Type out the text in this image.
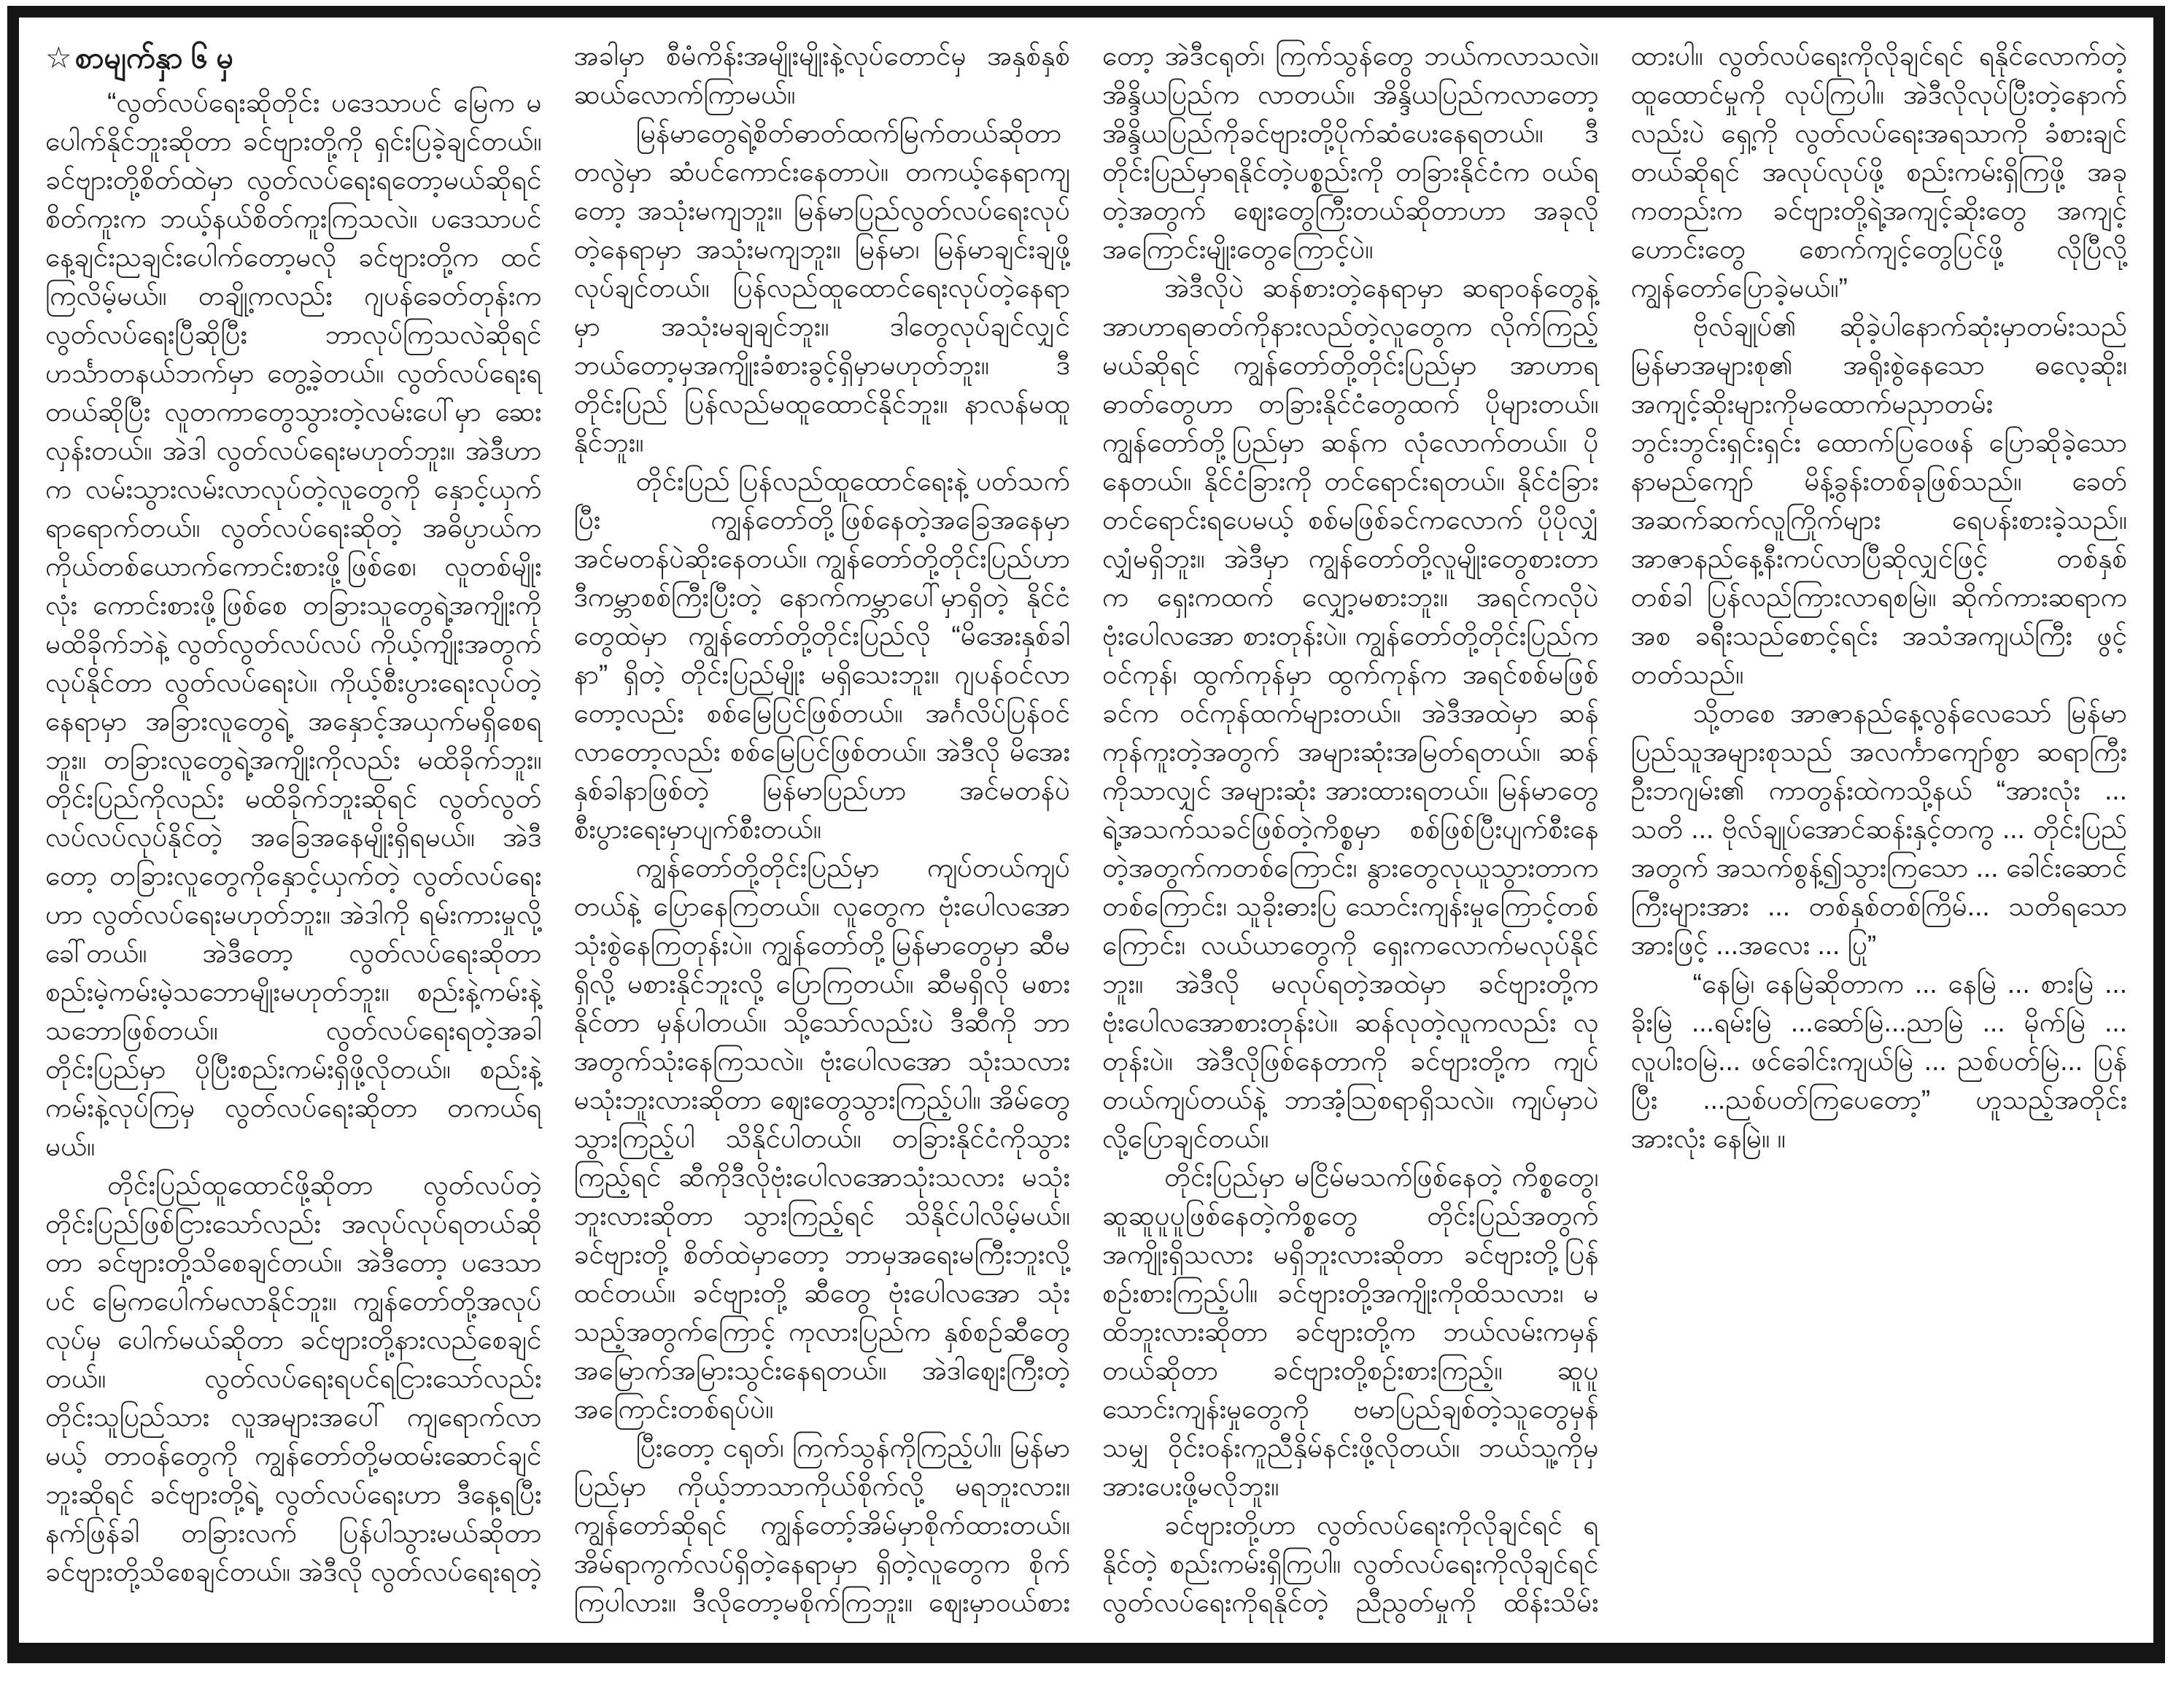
☆စာမျက်နှာ ၆ မှ

“လွတ်လပ်ရေးဆိုတိုင်း ပဒေသာပင် မြေက မပေါက်နိုင်ဘူးဆိုတာ ခင်ဗျားတို့ကို ရှင်းပြခဲ့ချင်တယ်။ ခင်ဗျားတို့စိတ်ထဲမှာ လွတ်လပ်ရေးရတော့မယ်ဆိုရင် စိတ်ကူးက ဘယ့်နယ်စိတ်ကူးကြသလဲ။ ပဒေသာပင် နေ့ချင်းညချင်းပေါက်တော့မလို ခင်ဗျားတို့က ထင်ကြလိမ့်မယ်။ တချို့ကလည်း ဂျပန်ခေတ်တုန်းက လွတ်လပ်ရေးပြီဆိုပြီး ဘာလုပ်ကြသလဲဆိုရင် ဟင်္သာတနယ်ဘက်မှာ တွေ့ခဲ့တယ်။ လွတ်လပ်ရေးရတယ်ဆိုပြီး လူတကာတွေသွားတဲ့လမ်းပေါ်မှာ ဆေးလှန်းတယ်။ အဲဒါ လွတ်လပ်ရေးမဟုတ်ဘူး။ အဲဒီဟာက လမ်းသွားလမ်းလာလုပ်တဲ့လူတွေကို နှောင့်ယှက်ရာရောက်တယ်။ လွတ်လပ်ရေးဆိုတဲ့ အဓိပ္ပာယ်က ကိုယ်တစ်ယောက်ကောင်းစားဖို့ဖြစ်စေ၊ လူတစ်မျိုးလုံး ကောင်းစားဖို့ဖြစ်စေ တခြားသူတွေရဲ့အကျိုးကို မထိခိုက်ဘဲနဲ့ လွတ်လွတ်လပ်လပ် ကိုယ့်ကျိုးအတွက်လုပ်နိုင်တာ လွတ်လပ်ရေးပဲ။ ကိုယ့်စီးပွားရေးလုပ်တဲ့နေရာမှာ အခြားလူတွေရဲ့ အနှောင့်အယှက်မရှိစေရဘူး။ တခြားလူတွေရဲ့အကျိုးကိုလည်း မထိခိုက်ဘူး။ တိုင်းပြည်ကိုလည်း မထိခိုက်ဘူးဆိုရင် လွတ်လွတ်လပ်လပ်လုပ်နိုင်တဲ့ အခြေအနေမျိုးရှိရမယ်။ အဲဒီတော့ တခြားလူတွေကိုနှောင့်ယှက်တဲ့ လွတ်လပ်ရေးဟာ လွတ်လပ်ရေးမဟုတ်ဘူး။ အဲဒါကို ရမ်းကားမှုလို့ခေါ်တယ်။ အဲဒီတော့ လွတ်လပ်ရေးဆိုတာ စည်းမဲ့ကမ်းမဲ့သဘောမျိုးမဟုတ်ဘူး။ စည်းနဲ့ကမ်းနဲ့သဘောဖြစ်တယ်။ လွတ်လပ်ရေးရတဲ့အခါ တိုင်းပြည်မှာ ပိုပြီးစည်းကမ်းရှိဖို့လိုတယ်။ စည်းနဲ့ကမ်းနဲ့လုပ်ကြမှ လွတ်လပ်ရေးဆိုတာ တကယ်ရမယ်။

တိုင်းပြည်ထူထောင်ဖို့ဆိုတာ လွတ်လပ်တဲ့တိုင်းပြည်ဖြစ်ငြားသော်လည်း အလုပ်လုပ်ရတယ်ဆိုတာ ခင်ဗျားတို့သိစေချင်တယ်။ အဲဒီတော့ ပဒေသာပင် မြေကပေါက်မလာနိုင်ဘူး။ ကျွန်တော်တို့အလုပ်လုပ်မှ ပေါက်မယ်ဆိုတာ ခင်ဗျားတို့နားလည်စေချင်တယ်။ လွတ်လပ်ရေးရပင်ရငြားသော်လည်း တိုင်းသူပြည်သား လူအများအပေါ် ကျရောက်လာမယ့် တာဝန်တွေကို ကျွန်တော်တို့မထမ်းဆောင်ချင်ဘူးဆိုရင် ခင်ဗျားတို့ရဲ့ လွတ်လပ်ရေးဟာ ဒီနေ့ရပြီး နက်ဖြန်ခါ တခြားလက် ပြန်ပါသွားမယ်ဆိုတာ ခင်ဗျားတို့သိစေချင်တယ်။ အဲဒီလို လွတ်လပ်ရေးရတဲ့အခါမှာ စီမံကိန်းအမျိုးမျိုးနဲ့လုပ်တောင်မှ အနှစ်နှစ်ဆယ်လောက်ကြာမယ်။

မြန်မာတွေရဲ့စိတ်ဓာတ်ထက်မြက်တယ်ဆိုတာ တလွဲမှာ ဆံပင်ကောင်းနေတာပဲ။ တကယ့်နေရာကျတော့ အသုံးမကျဘူး။ မြန်မာပြည်လွတ်လပ်ရေးလုပ်တဲ့နေရာမှာ အသုံးမကျဘူး။ မြန်မာ၊ မြန်မာချင်းချဖို့ လုပ်ချင်တယ်။ ပြန်လည်ထူထောင်ရေးလုပ်တဲ့နေရာမှာ အသုံးမချချင်ဘူး။ ဒါတွေလုပ်ချင်လျှင် ဘယ်တော့မှအကျိုးခံစားခွင့်ရှိမှာမဟုတ်ဘူး။ ဒီတိုင်းပြည် ပြန်လည်မထူထောင်နိုင်ဘူး။ နာလန်မထူနိုင်ဘူး။

တိုင်းပြည် ပြန်လည်ထူထောင်ရေးနဲ့ ပတ်သက်ပြီး ကျွန်တော်တို့ဖြစ်နေတဲ့အခြေအနေမှာ အင်မတန်ပဲဆိုးနေတယ်။ ကျွန်တော်တို့တိုင်းပြည်ဟာ ဒီကမ္ဘာစစ်ကြီးပြီးတဲ့ နောက်ကမ္ဘာပေါ်မှာရှိတဲ့ နိုင်ငံတွေထဲမှာ ကျွန်တော်တို့တိုင်းပြည်လို “မိအေးနှစ်ခါနာ” ရှိတဲ့ တိုင်းပြည်မျိုး မရှိသေးဘူး။ ဂျပန်ဝင်လာတော့လည်း စစ်မြေပြင်ဖြစ်တယ်။ အင်္ဂလိပ်ပြန်ဝင်လာတော့လည်း စစ်မြေပြင်ဖြစ်တယ်။ အဲဒီလို မိအေးနှစ်ခါနာဖြစ်တဲ့ မြန်မာပြည်ဟာ အင်မတန်ပဲ စီးပွားရေးမှာပျက်စီးတယ်။

ကျွန်တော်တို့တိုင်းပြည်မှာ ကျပ်တယ်ကျပ်တယ်နဲ့ ပြောနေကြတယ်။ လူတွေက ဗုံးပေါလအော သုံးစွဲနေကြတုန်းပဲ။ ကျွန်တော်တို့မြန်မာတွေမှာ ဆီမရှိလို့ မစားနိုင်ဘူးလို့ ပြောကြတယ်။ ဆီမရှိလို မစားနိုင်တာ မှန်ပါတယ်။ သို့သော်လည်းပဲ ဒီဆီကို ဘာအတွက်သုံးနေကြသလဲ။ ဗုံးပေါလအော သုံးသလား မသုံးဘူးလားဆိုတာ ဈေးတွေသွားကြည့်ပါ။ အိမ်တွေသွားကြည့်ပါ သိနိုင်ပါတယ်။ တခြားနိုင်ငံကိုသွားကြည့်ရင် ဆီကိုဒီလိုဗုံးပေါလအောသုံးသလား မသုံးဘူးလားဆိုတာ သွားကြည့်ရင် သိနိုင်ပါလိမ့်မယ်။ ခင်ဗျားတို့ စိတ်ထဲမှာတော့ ဘာမှအရေးမကြီးဘူးလို့ထင်တယ်။ ခင်ဗျားတို့ ဆီတွေ ဗုံးပေါလအော သုံးသည့်အတွက်ကြောင့် ကုလားပြည်က နှစ်စဉ်ဆီတွေအမြောက်အမြားသွင်းနေရတယ်။ အဲဒါဈေးကြီးတဲ့အကြောင်းတစ်ရပ်ပဲ။

ပြီးတော့ ငရုတ်၊ ကြက်သွန်ကိုကြည့်ပါ။ မြန်မာပြည်မှာ ကိုယ့်ဘာသာကိုယ်စိုက်လို့ မရဘူးလား။ ကျွန်တော်ဆိုရင် ကျွန်တော့်အိမ်မှာစိုက်ထားတယ်။ အိမ်ရာကွက်လပ်ရှိတဲ့နေရာမှာ ရှိတဲ့လူတွေက စိုက်ကြပါလား။ ဒီလိုတော့မစိုက်ကြဘူး။ ဈေးမှာဝယ်စားတော့ အဲဒီငရုတ်၊ ကြက်သွန်တွေ ဘယ်ကလာသလဲ။ အိန္ဒိယပြည်က လာတယ်။ အိန္ဒိယပြည်ကလာတော့ အိန္ဒိယပြည်ကိုခင်ဗျားတို့ပိုက်ဆံပေးနေရတယ်။ ဒီတိုင်းပြည်မှာရနိုင်တဲ့ပစ္စည်းကို တခြားနိုင်ငံက ဝယ်ရတဲ့အတွက် ဈေးတွေကြီးတယ်ဆိုတာဟာ အခုလို အကြောင်းမျိုးတွေကြောင့်ပဲ။

အဲဒီလိုပဲ ဆန်စားတဲ့နေရာမှာ ဆရာဝန်တွေနဲ့ အာဟာရဓာတ်ကိုနားလည်တဲ့လူတွေက လိုက်ကြည့်မယ်ဆိုရင် ကျွန်တော်တို့တိုင်းပြည်မှာ အာဟာရဓာတ်တွေဟာ တခြားနိုင်ငံတွေထက် ပိုများတယ်။ ကျွန်တော်တို့ပြည်မှာ ဆန်က လုံလောက်တယ်။ ပိုနေတယ်။ နိုင်ငံခြားကို တင်ရောင်းရတယ်။ နိုင်ငံခြားတင်ရောင်းရပေမယ့် စစ်မဖြစ်ခင်ကလောက် ပိုပိုလျှံလျှံမရှိဘူး။ အဲဒီမှာ ကျွန်တော်တို့လူမျိုးတွေစားတာက ရှေးကထက် လျှော့မစားဘူး။ အရင်ကလိုပဲ ဗုံးပေါလအော စားတုန်းပဲ။ ကျွန်တော်တို့တိုင်းပြည်က ဝင်ကုန်၊ ထွက်ကုန်မှာ ထွက်ကုန်က အရင်စစ်မဖြစ်ခင်က ဝင်ကုန်ထက်များတယ်။ အဲဒီအထဲမှာ ဆန်ကုန်ကူးတဲ့အတွက် အများဆုံးအမြတ်ရတယ်။ ဆန်ကိုသာလျှင် အများဆုံး အားထားရတယ်။ မြန်မာတွေရဲ့အသက်သခင်ဖြစ်တဲ့ကိစ္စမှာ စစ်ဖြစ်ပြီးပျက်စီးနေတဲ့အတွက်ကတစ်ကြောင်း၊ နွားတွေလုယူသွားတာကတစ်ကြောင်း၊ သူခိုးဓားပြ သောင်းကျန်းမှုကြောင့်တစ်ကြောင်း၊ လယ်ယာတွေကို ရှေးကလောက်မလုပ်နိုင်ဘူး။ အဲဒီလို မလုပ်ရတဲ့အထဲမှာ ခင်ဗျားတို့ကဗုံးပေါလအောစားတုန်းပဲ။ ဆန်လုတဲ့လူကလည်း လုတုန်းပဲ။ အဲဒီလိုဖြစ်နေတာကို ခင်ဗျားတို့က ကျပ်တယ်ကျပ်တယ်နဲ့ ဘာအံ့ဩစရာရှိသလဲ။ ကျပ်မှာပဲလို့ပြောချင်တယ်။

တိုင်းပြည်မှာ မငြိမ်မသက်ဖြစ်နေတဲ့ ကိစ္စတွေ၊ ဆူဆူပူပူဖြစ်နေတဲ့ကိစ္စတွေ တိုင်းပြည်အတွက် အကျိုးရှိသလား မရှိဘူးလားဆိုတာ ခင်ဗျားတို့ပြန်စဉ်းစားကြည့်ပါ။ ခင်ဗျားတို့အကျိုးကိုထိသလား၊ မထိဘူးလားဆိုတာ ခင်ဗျားတို့က ဘယ်လမ်းကမှန်တယ်ဆိုတာ ခင်ဗျားတို့စဉ်းစားကြည့်။ ဆူပူသောင်းကျန်းမှုတွေကို ဗမာပြည်ချစ်တဲ့သူတွေမှန်သမျှ ဝိုင်းဝန်းကူညီနှိမ်နင်းဖို့လိုတယ်။ ဘယ်သူ့ကိုမှ အားပေးဖို့မလိုဘူး။

ခင်ဗျားတို့ဟာ လွတ်လပ်ရေးကိုလိုချင်ရင် ရနိုင်တဲ့ စည်းကမ်းရှိကြပါ။ လွတ်လပ်ရေးကိုလိုချင်ရင် လွတ်လပ်ရေးကိုရနိုင်တဲ့ ညီညွတ်မှုကို ထိန်းသိမ်းထားပါ။ လွတ်လပ်ရေးကိုလိုချင်ရင် ရနိုင်လောက်တဲ့ ထူထောင်မှုကို လုပ်ကြပါ။ အဲဒီလိုလုပ်ပြီးတဲ့နောက်လည်းပဲ ရှေ့ကို လွတ်လပ်ရေးအရသာကို ခံစားချင်တယ်ဆိုရင် အလုပ်လုပ်ဖို့ စည်းကမ်းရှိကြဖို့ အခုကတည်းက ခင်ဗျားတို့ရဲ့အကျင့်ဆိုးတွေ အကျင့်ဟောင်းတွေ စောက်ကျင့်တွေပြင်ဖို့ လိုပြီလို့ ကျွန်တော်ပြောခဲ့မယ်။”

ဗိုလ်ချုပ်၏ ဆိုခဲ့ပါနောက်ဆုံးမှာတမ်းသည် မြန်မာအများစု၏ အရိုးစွဲနေသော ဓလေ့ဆိုး၊ အကျင့်ဆိုးများကိုမထောက်မညှာတမ်း ဘွင်းဘွင်းရှင်းရှင်း ထောက်ပြဝေဖန် ပြောဆိုခဲ့သော နာမည်ကျော် မိန့်ခွန်းတစ်ခုဖြစ်သည်။ ခေတ်အဆက်ဆက်လူကြိုက်များ ရေပန်းစားခဲ့သည်။ အာဇာနည်နေ့နီးကပ်လာပြီဆိုလျှင်ဖြင့် တစ်နှစ်တစ်ခါ ပြန်လည်ကြားလာရစမြဲ။ ဆိုက်ကားဆရာကအစ ခရီးသည်စောင့်ရင်း အသံအကျယ်ကြီး ဖွင့်တတ်သည်။

သို့တစေ အာဇာနည်နေ့လွန်လေသော် မြန်မာပြည်သူအများစုသည် အလင်္ကာကျော်စွာ ဆရာကြီးဦးဘဂျမ်း၏ ကာတွန်းထဲကသို့နယ် “အားလုံး ... သတိ ... ဗိုလ်ချုပ်အောင်ဆန်းနှင့်တကွ ... တိုင်းပြည်အတွက် အသက်စွန့်၍သွားကြသော ... ခေါင်းဆောင်ကြီးများအား ... တစ်နှစ်တစ်ကြိမ်... သတိရသောအားဖြင့် ...အလေး ... ပြု”

“နေမြဲ၊ နေမြဲဆိုတာက ... နေမြဲ ... စားမြဲ ... ခိုးမြဲ ...ရမ်းမြဲ ...ဆော်မြဲ...ညာမြဲ ... မိုက်မြဲ ... လူပါးဝမြဲ... ဖင်ခေါင်းကျယ်မြဲ ... ညစ်ပတ်မြဲ... ပြန်ပြီး ...ညစ်ပတ်ကြပေတော့” ဟူသည့်အတိုင်း အားလုံး နေမြဲ။ ။
